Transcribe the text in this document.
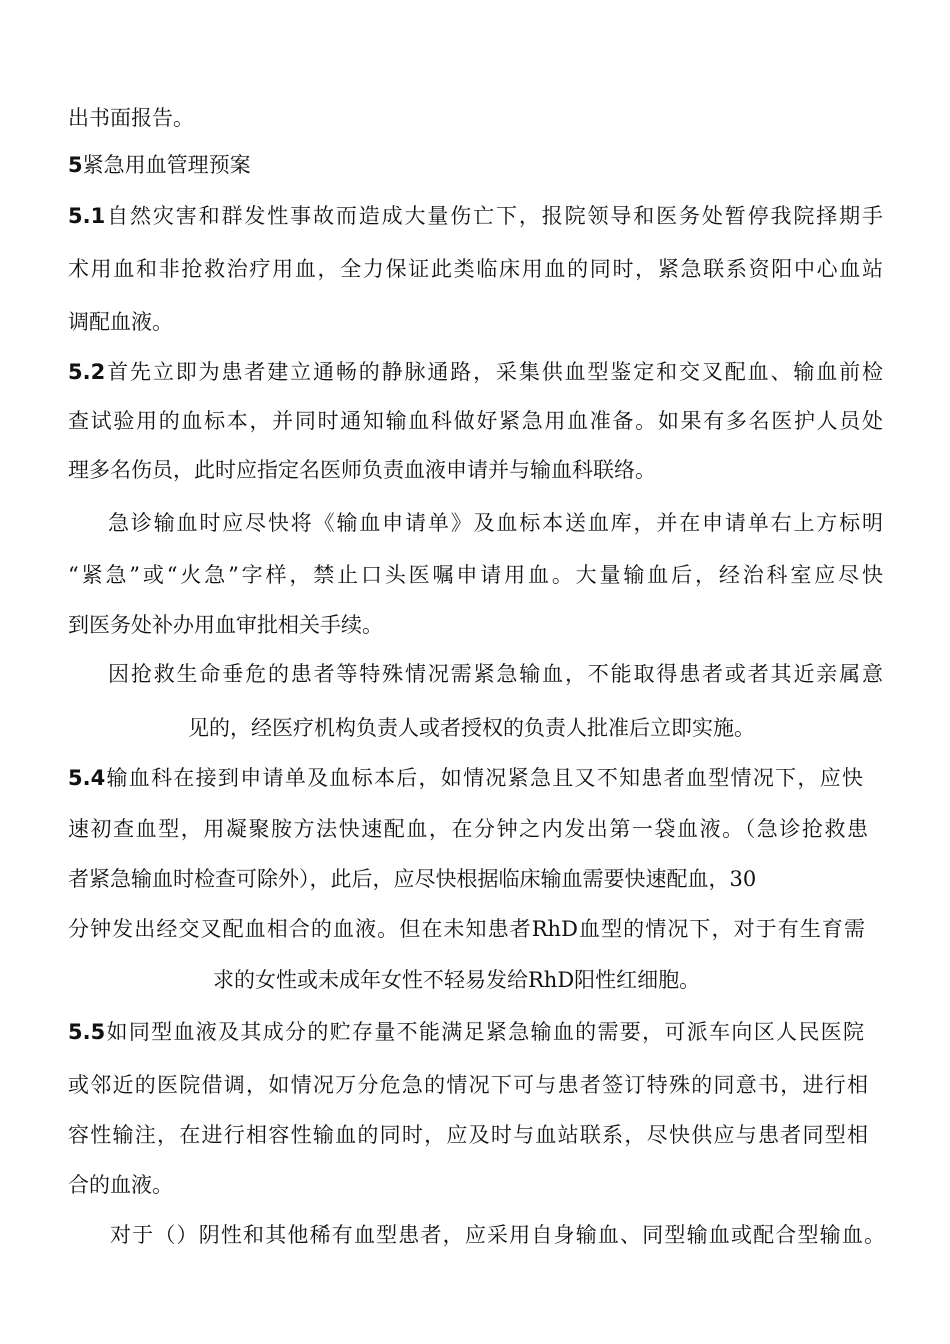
出书面报告。
5紧急用血管理预案
5.1自然灾害和群发性事故而造成大量伤亡下，报院领导和医务处暂停我院择期手
术用血和非抢救治疗用血，全力保证此类临床用血的同时，紧急联系资阳中心血站
调配血液。
5.2首先立即为患者建立通畅的静脉通路，采集供血型鉴定和交叉配血、输血前检
查试验用的血标本，并同时通知输血科做好紧急用血准备。如果有多名医护人员处
理多名伤员，此时应指定名医师负责血液申请并与输血科联络。
急诊输血时应尽快将《输血申请单》及血标本送血库，并在申请单右上方标明
“紧急”或“火急”字样，禁止口头医嘱申请用血。大量输血后，经治科室应尽快
到医务处补办用血审批相关手续。
因抢救生命垂危的患者等特殊情况需紧急输血，不能取得患者或者其近亲属意
见的，经医疗机构负责人或者授权的负责人批准后立即实施。
5.4输血科在接到申请单及血标本后，如情况紧急且又不知患者血型情况下，应快
速初查血型，用凝聚胺方法快速配血，在分钟之内发出第一袋血液。（急诊抢救患
者紧急输血时检查可除外），此后，应尽快根据临床输血需要快速配血，30
分钟发出经交叉配血相合的血液。但在未知患者RhD血型的情况下，对于有生育需
求的女性或未成年女性不轻易发给RhD阳性红细胞。
5.5如同型血液及其成分的贮存量不能满足紧急输血的需要，可派车向区人民医院
或邻近的医院借调，如情况万分危急的情况下可与患者签订特殊的同意书，进行相
容性输注，在进行相容性输血的同时，应及时与血站联系，尽快供应与患者同型相
合的血液。
对于（）阴性和其他稀有血型患者，应采用自身输血、同型输血或配合型输血。
